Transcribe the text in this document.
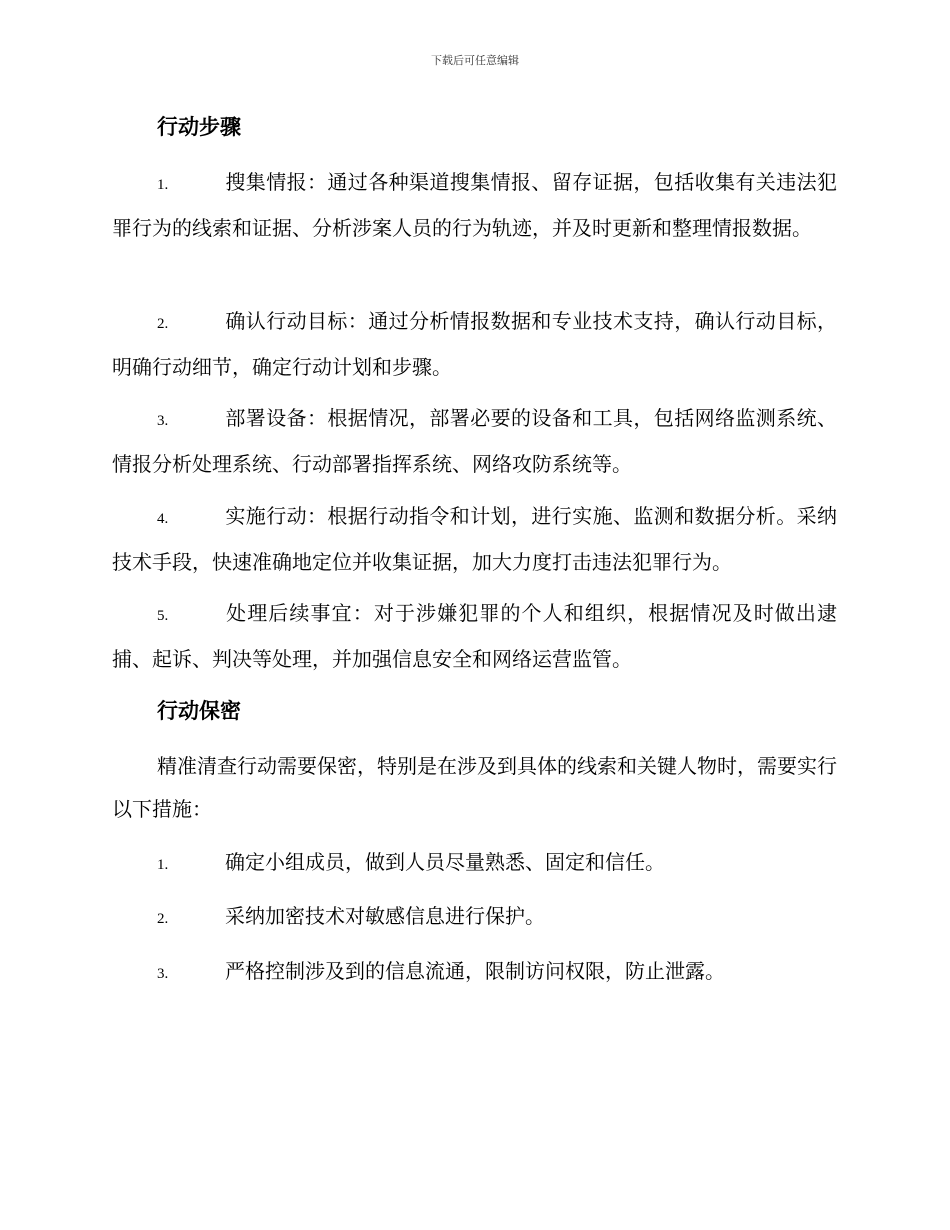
下载后可任意编辑
行动步骤
1.	搜集情报：通过各种渠道搜集情报、留存证据，包括收集有关违法犯罪行为的线索和证据、分析涉案人员的行为轨迹，并及时更新和整理情报数据。
2.	确认行动目标：通过分析情报数据和专业技术支持，确认行动目标，明确行动细节，确定行动计划和步骤。
3.	部署设备：根据情况，部署必要的设备和工具，包括网络监测系统、情报分析处理系统、行动部署指挥系统、网络攻防系统等。
4.	实施行动：根据行动指令和计划，进行实施、监测和数据分析。采纳技术手段，快速准确地定位并收集证据，加大力度打击违法犯罪行为。
5.	处理后续事宜：对于涉嫌犯罪的个人和组织，根据情况及时做出逮捕、起诉、判决等处理，并加强信息安全和网络运营监管。
行动保密
精准清查行动需要保密，特别是在涉及到具体的线索和关键人物时，需要实行以下措施：
1.	确定小组成员，做到人员尽量熟悉、固定和信任。
2.	采纳加密技术对敏感信息进行保护。
3.	严格控制涉及到的信息流通，限制访问权限，防止泄露。
